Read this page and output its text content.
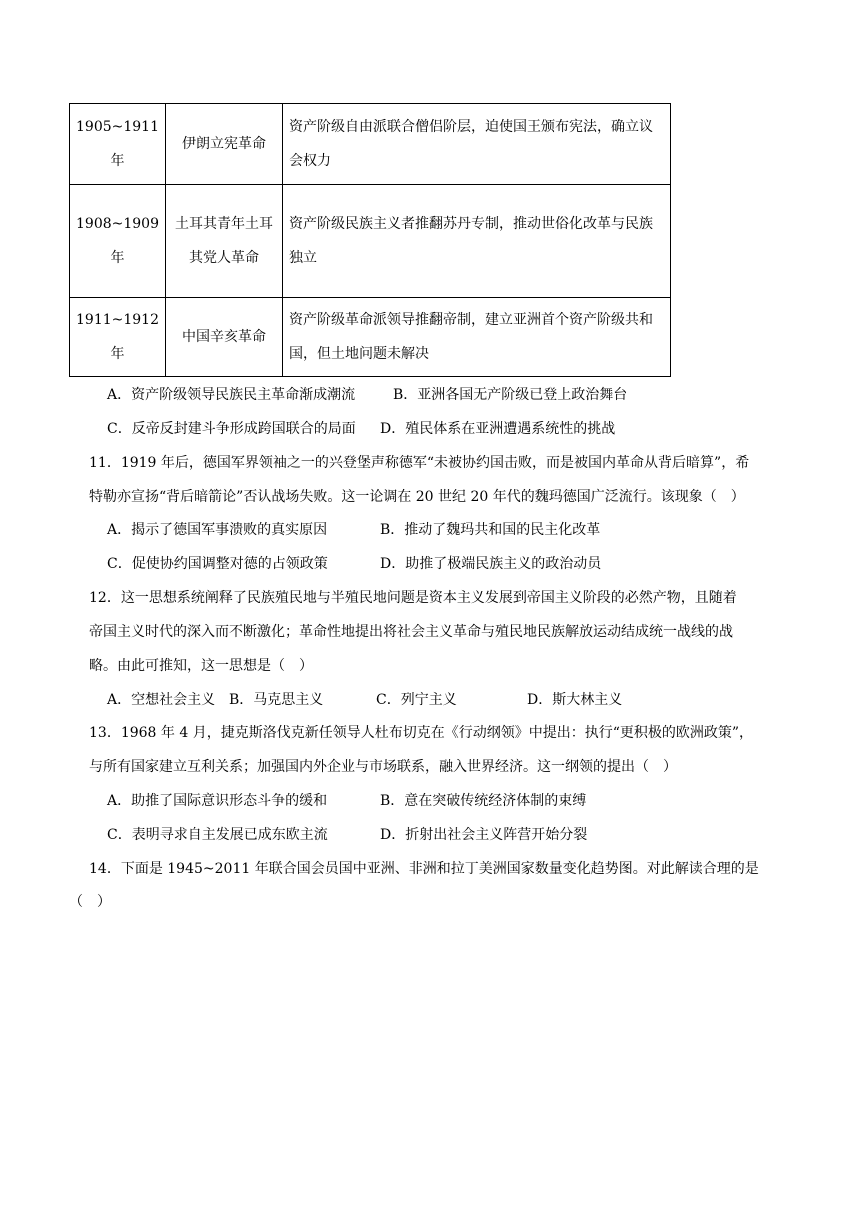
1905~1911年	伊朗立宪革命	资产阶级自由派联合僧侣阶层，迫使国王颁布宪法，确立议会权力
1908~1909年	土耳其青年土耳其党人革命	资产阶级民族主义者推翻苏丹专制，推动世俗化改革与民族独立
1911~1912年	中国辛亥革命	资产阶级革命派领导推翻帝制，建立亚洲首个资产阶级共和国，但土地问题未解决
A．资产阶级领导民族民主革命渐成潮流	B．亚洲各国无产阶级已登上政治舞台
C．反帝反封建斗争形成跨国联合的局面 D．殖民体系在亚洲遭遇系统性的挑战
11．1919 年后，德国军界领袖之一的兴登堡声称德军“未被协约国击败，而是被国内革命从背后暗算”，希
特勒亦宣扬“背后暗箭论”否认战场失败。这一论调在 20 世纪 20 年代的魏玛德国广泛流行。该现象（　）
A．揭示了德国军事溃败的真实原因	B．推动了魏玛共和国的民主化改革
C．促使协约国调整对德的占领政策	D．助推了极端民族主义的政治动员
12．这一思想系统阐释了民族殖民地与半殖民地问题是资本主义发展到帝国主义阶段的必然产物，且随着
帝国主义时代的深入而不断激化；革命性地提出将社会主义革命与殖民地民族解放运动结成统一战线的战
略。由此可推知，这一思想是（　）
A．空想社会主义 B．马克思主义	C．列宁主义	D．斯大林主义
13．1968 年 4 月，捷克斯洛伐克新任领导人杜布切克在《行动纲领》中提出：执行“更积极的欧洲政策”，
与所有国家建立互利关系；加强国内外企业与市场联系，融入世界经济。这一纲领的提出（　）
A．助推了国际意识形态斗争的缓和	B．意在突破传统经济体制的束缚
C．表明寻求自主发展已成东欧主流	D．折射出社会主义阵营开始分裂
14．下面是 1945~2011 年联合国会员国中亚洲、非洲和拉丁美洲国家数量变化趋势图。对此解读合理的是
（　）
